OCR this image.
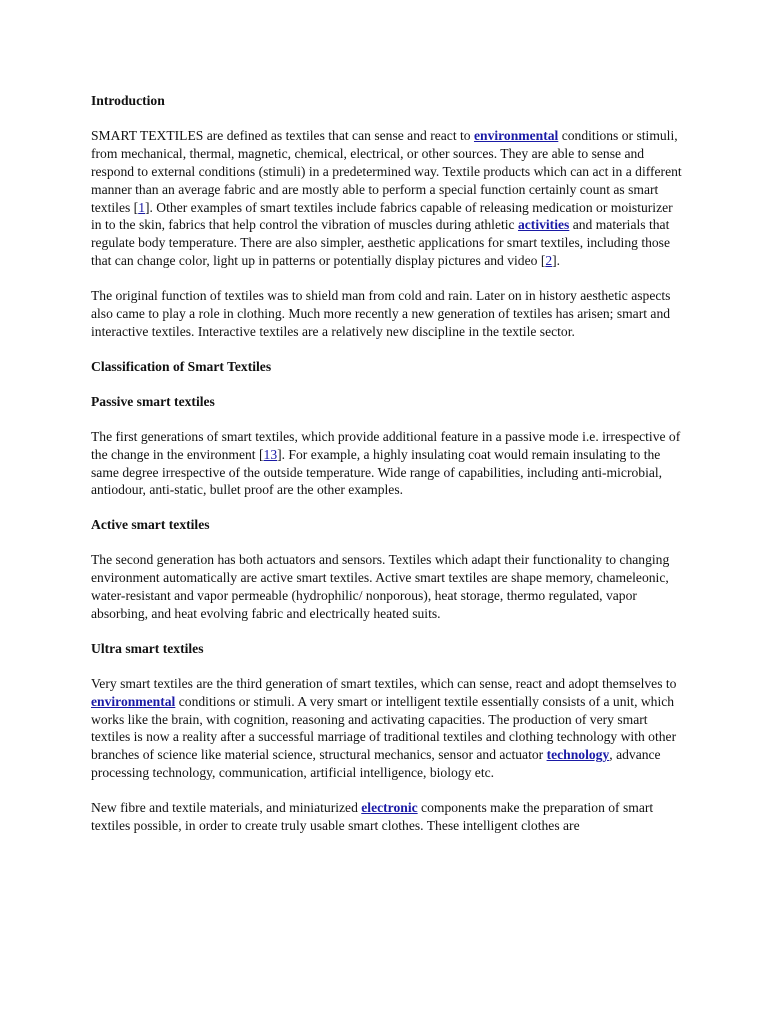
Introduction

SMART TEXTILES are defined as textiles that can sense and react to environmental conditions or stimuli, from mechanical, thermal, magnetic, chemical, electrical, or other sources. They are able to sense and respond to external conditions (stimuli) in a predetermined way. Textile products which can act in a different manner than an average fabric and are mostly able to perform a special function certainly count as smart textiles [1]. Other examples of smart textiles include fabrics capable of releasing medication or moisturizer in to the skin, fabrics that help control the vibration of muscles during athletic activities and materials that regulate body temperature. There are also simpler, aesthetic applications for smart textiles, including those that can change color, light up in patterns or potentially display pictures and video [2].

The original function of textiles was to shield man from cold and rain. Later on in history aesthetic aspects also came to play a role in clothing. Much more recently a new generation of textiles has arisen; smart and interactive textiles. Interactive textiles are a relatively new discipline in the textile sector.

Classification of Smart Textiles
Passive smart textiles

The first generations of smart textiles, which provide additional feature in a passive mode i.e. irrespective of the change in the environment [13]. For example, a highly insulating coat would remain insulating to the same degree irrespective of the outside temperature. Wide range of capabilities, including anti-microbial, antiodour, anti-static, bullet proof are the other examples.

Active smart textiles

The second generation has both actuators and sensors. Textiles which adapt their functionality to changing environment automatically are active smart textiles. Active smart textiles are shape memory, chameleonic, water-resistant and vapor permeable (hydrophilic/ nonporous), heat storage, thermo regulated, vapor absorbing, and heat evolving fabric and electrically heated suits.

Ultra smart textiles

Very smart textiles are the third generation of smart textiles, which can sense, react and adopt themselves to environmental conditions or stimuli. A very smart or intelligent textile essentially consists of a unit, which works like the brain, with cognition, reasoning and activating capacities. The production of very smart textiles is now a reality after a successful marriage of traditional textiles and clothing technology with other branches of science like material science, structural mechanics, sensor and actuator technology, advance processing technology, communication, artificial intelligence, biology etc.

New fibre and textile materials, and miniaturized electronic components make the preparation of smart textiles possible, in order to create truly usable smart clothes. These intelligent clothes are
